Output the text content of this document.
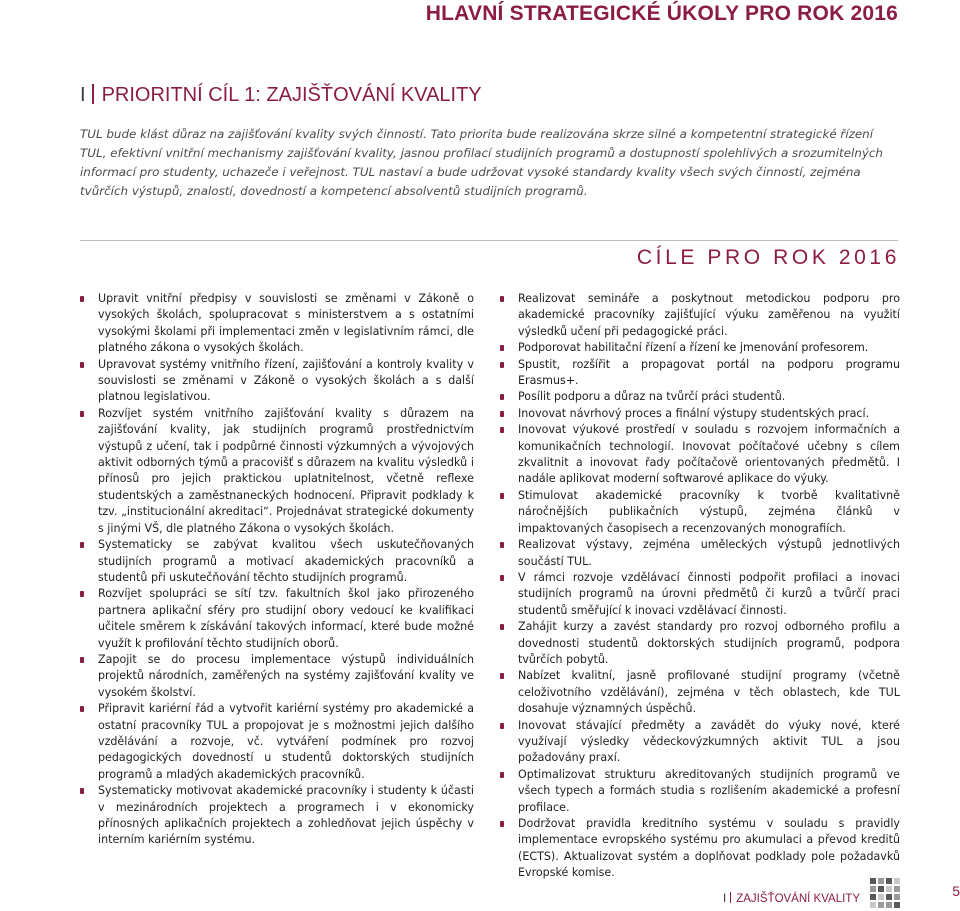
HLAVNÍ STRATEGICKÉ ÚKOLY PRO ROK 2016
I PRIORITNÍ CÍL 1: ZAJIŠŤOVÁNÍ KVALITY

TUL bude klást důraz na zajišťování kvality svých činností. Tato priorita bude realizována skrze silné a kompetentní strategické řízení TUL, efektivní vnitřní mechanismy zajišťování kvality, jasnou profilací studijních programů a dostupností spolehlivých a srozumitelných informací pro studenty, uchazeče i veřejnost. TUL nastaví a bude udržovat vysoké standardy kvality všech svých činností, zejména tvůrčích výstupů, znalostí, dovedností a kompetencí absolventů studijních programů.

CÍLE PRO ROK 2016
Upravit vnitřní předpisy v souvislosti se změnami v Zákoně o vysokých školách, spolupracovat s ministerstvem a s ostatními vysokými školami při implementaci změn v legislativním rámci, dle platného zákona o vysokých školách.
Upravovat systémy vnitřního řízení, zajišťování a kontroly kvality v souvislosti se změnami v Zákoně o vysokých školách a s další platnou legislativou.
Rozvíjet systém vnitřního zajišťování kvality s důrazem na zajišťování kvality, jak studijních programů prostřednictvím výstupů z učení, tak i podpůrné činnosti výzkumných a vývojových aktivit odborných týmů a pracovišť s důrazem na kvalitu výsledků i přínosů pro jejich praktickou uplatnitelnost, včetně reflexe studentských a zaměstnaneckých hodnocení. Připravit podklady k tzv. „institucionální akreditaci“. Projednávat strategické dokumenty s jinými VŠ, dle platného Zákona o vysokých školách.
Systematicky se zabývat kvalitou všech uskutečňovaných studijních programů a motivací akademických pracovníků a studentů při uskutečňování těchto studijních programů.
Rozvíjet spolupráci se sítí tzv. fakultních škol jako přirozeného partnera aplikační sféry pro studijní obory vedoucí ke kvalifikaci učitele směrem k získávání takových informací, které bude možné využít k profilování těchto studijních oborů.
Zapojit se do procesu implementace výstupů individuálních projektů národních, zaměřených na systémy zajišťování kvality ve vysokém školství.
Připravit kariérní řád a vytvořit kariérní systémy pro akademické a ostatní pracovníky TUL a propojovat je s možnostmi jejich dalšího vzdělávání a rozvoje, vč. vytváření podmínek pro rozvoj pedagogických dovedností u studentů doktorských studijních programů a mladých akademických pracovníků.
Systematicky motivovat akademické pracovníky i studenty k účasti v mezinárodních projektech a programech i v ekonomicky přínosných aplikačních projektech a zohledňovat jejich úspěchy v interním kariérním systému.
Realizovat semináře a poskytnout metodickou podporu pro akademické pracovníky zajišťující výuku zaměřenou na využití výsledků učení při pedagogické práci.
Podporovat habilitační řízení a řízení ke jmenování profesorem.
Spustit, rozšířit a propagovat portál na podporu programu Erasmus+.
Posílit podporu a důraz na tvůrčí práci studentů.
Inovovat návrhový proces a finální výstupy studentských prací.
Inovovat výukové prostředí v souladu s rozvojem informačních a komunikačních technologií. Inovovat počítačové učebny s cílem zkvalitnit a inovovat řady počítačově orientovaných předmětů. I nadále aplikovat moderní softwarové aplikace do výuky.
Stimulovat akademické pracovníky k tvorbě kvalitativně náročnějších publikačních výstupů, zejména článků v impaktovaných časopisech a recenzovaných monografiích.
Realizovat výstavy, zejména uměleckých výstupů jednotlivých součástí TUL.
V rámci rozvoje vzdělávací činnosti podpořit profilaci a inovaci studijních programů na úrovni předmětů či kurzů a tvůrčí praci studentů směřující k inovaci vzdělávací činnosti.
Zahájit kurzy a zavést standardy pro rozvoj odborného profilu a dovednosti studentů doktorských studijních programů, podpora tvůrčích pobytů.
Nabízet kvalitní, jasně profilované studijní programy (včetně celoživotního vzdělávání), zejména v těch oblastech, kde TUL dosahuje významných úspěchů.
Inovovat stávající předměty a zavádět do výuky nové, které využívají výsledky vědeckovýzkumných aktivit TUL a jsou požadovány praxí.
Optimalizovat strukturu akreditovaných studijních programů ve všech typech a formách studia s rozlišením akademické a profesní profilace.
Dodržovat pravidla kreditního systému v souladu s pravidly implementace evropského systému pro akumulaci a převod kreditů (ECTS). Aktualizovat systém a doplňovat podklady pole požadavků Evropské komise.
I ZAJIŠŤOVÁNÍ KVALITY	5
